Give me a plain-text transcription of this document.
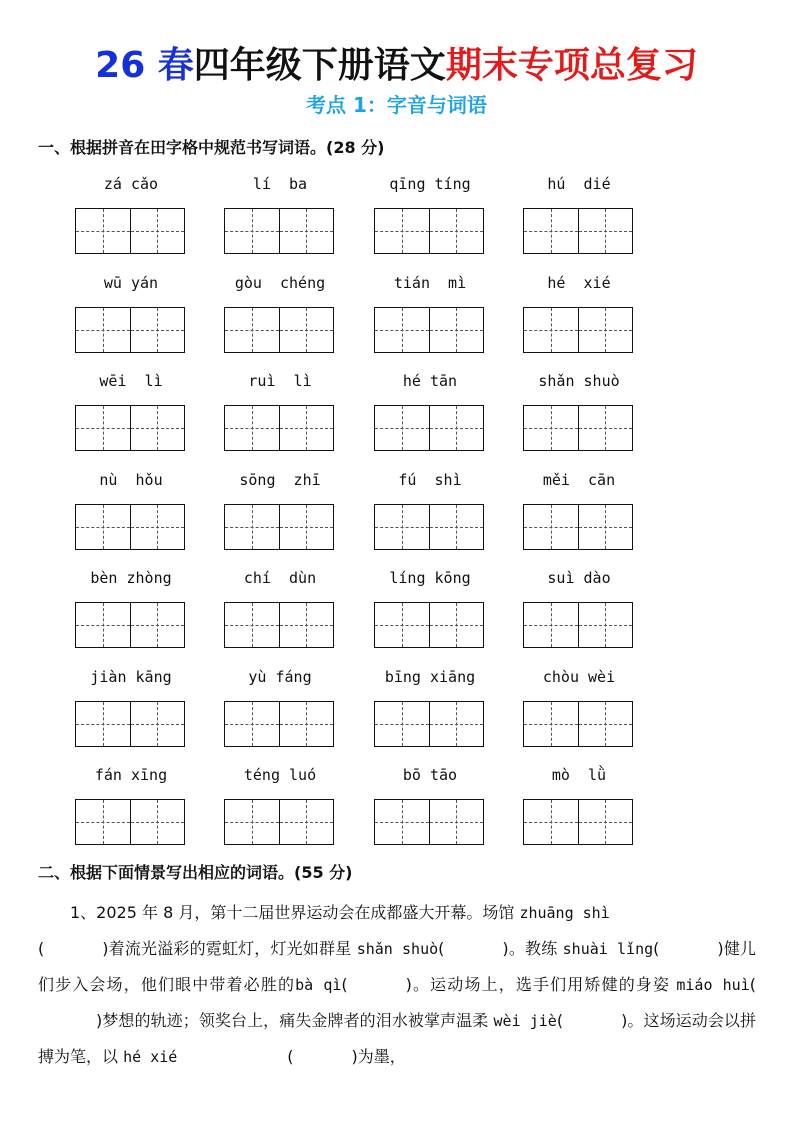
26 春四年级下册语文期末专项总复习
考点 1：字音与词语
一、根据拼音在田字格中规范书写词语。(28 分)
zá cǎo	lí  ba	qīng tíng	hú  dié
wū yán	gòu  chéng	tián  mì	hé  xié
wēi  lì	ruì  lì	hé tān	shǎn shuò
nù  hǒu	sōng  zhī	fú  shì	měi  cān
bèn zhòng	chí  dùn	líng kōng	suì dào
jiàn kāng	yù fáng	bīng xiāng	chòu wèi
fán xīng	téng luó	bō tāo	mò  lǜ
二、根据下面情景写出相应的词语。(55 分)

1、2025 年 8 月，第十二届世界运动会在成都盛大开幕。场馆 zhuāng shì
(	)着流光溢彩的霓虹灯，灯光如群星 shǎn shuò(	)。教练 shuài lǐng(	)健儿们步入会场，他们眼中带着必胜的bà qì(	)。运动场上，选手们用矫健的身姿 miáo huì()梦想的轨迹；领奖台上，痛失金牌者的泪水被掌声温柔 wèi jiè(	)。这场运动会以拼搏为笔，以 hé xié	(	)为墨，
